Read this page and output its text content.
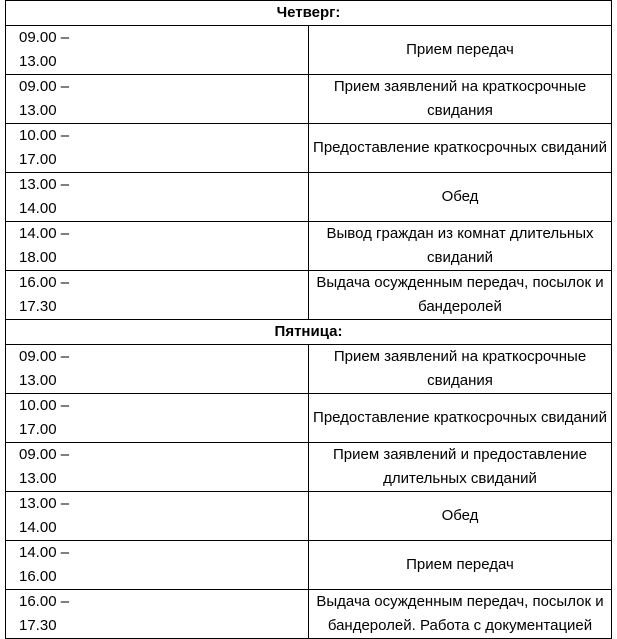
Четверг:	

09.00 –
13.00	Прием передач

09.00 –
13.00	Прием заявлений на краткосрочные свидания

10.00 –
17.00	Предоставление краткосрочных свиданий

13.00 –
14.00	Обед

14.00 –
18.00	Вывод граждан из комнат длительных свиданий

16.00 –
17.30	Выдача осужденным передач, посылок и бандеролей
Пятница:	

09.00 –
13.00	Прием заявлений на краткосрочные свидания

10.00 –
17.00	Предоставление краткосрочных свиданий

09.00 –
13.00	Прием заявлений и предоставление длительных свиданий

13.00 –
14.00	Обед

14.00 –
16.00	Прием передач

16.00 –
17.30	Выдача осужденным передач, посылок и бандеролей. Работа с документацией
